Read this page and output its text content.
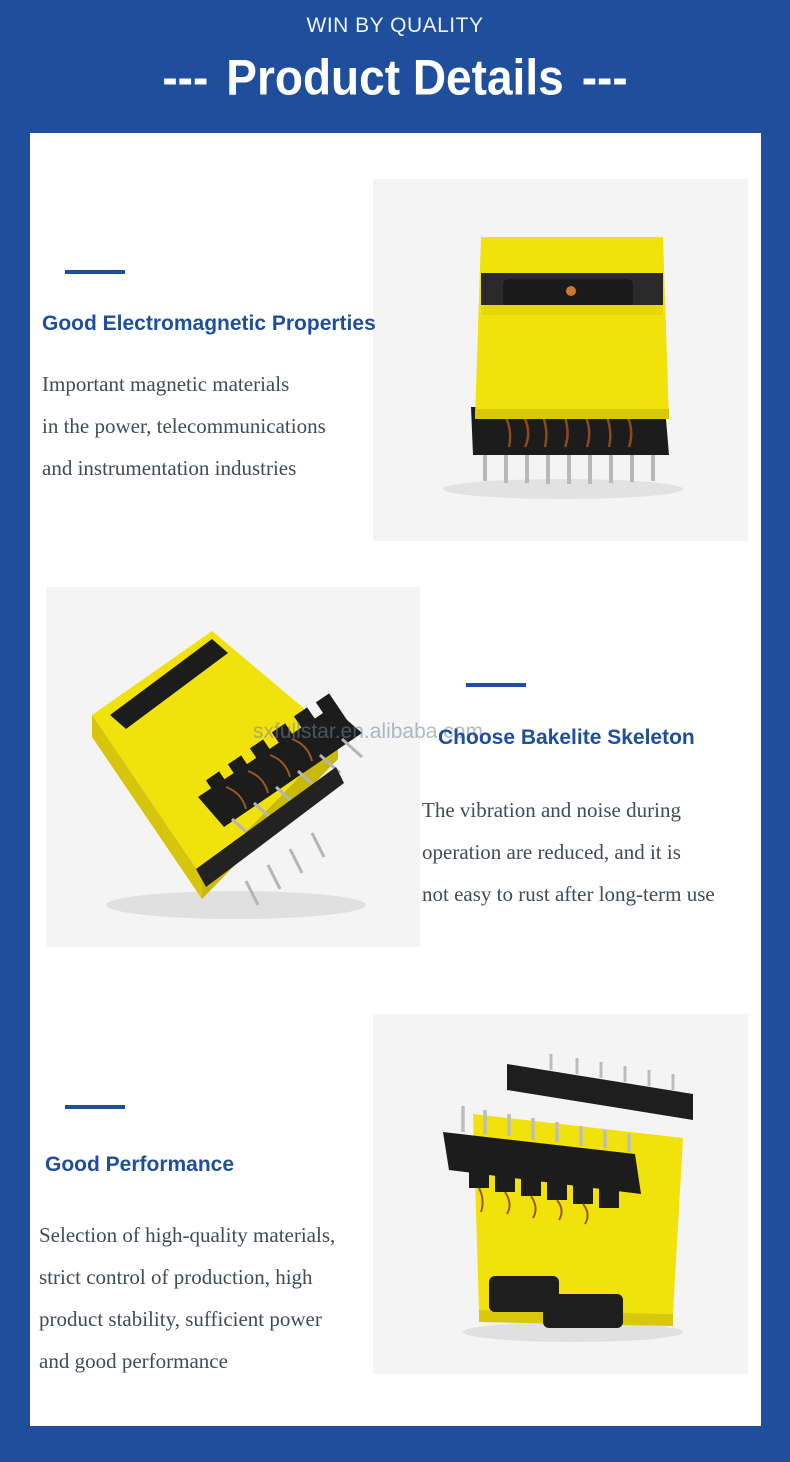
WIN BY QUALITY
--- Product Details ---
Good Electromagnetic Properties
Important magnetic materials
in the power, telecommunications
and instrumentation industries
sxfullstar.en.alibaba.com
Choose Bakelite Skeleton
The vibration and noise during
operation are reduced, and it is
not easy to rust after long-term use
Good Performance
Selection of high-quality materials,
strict control of production, high
product stability, sufficient power
and good performance
